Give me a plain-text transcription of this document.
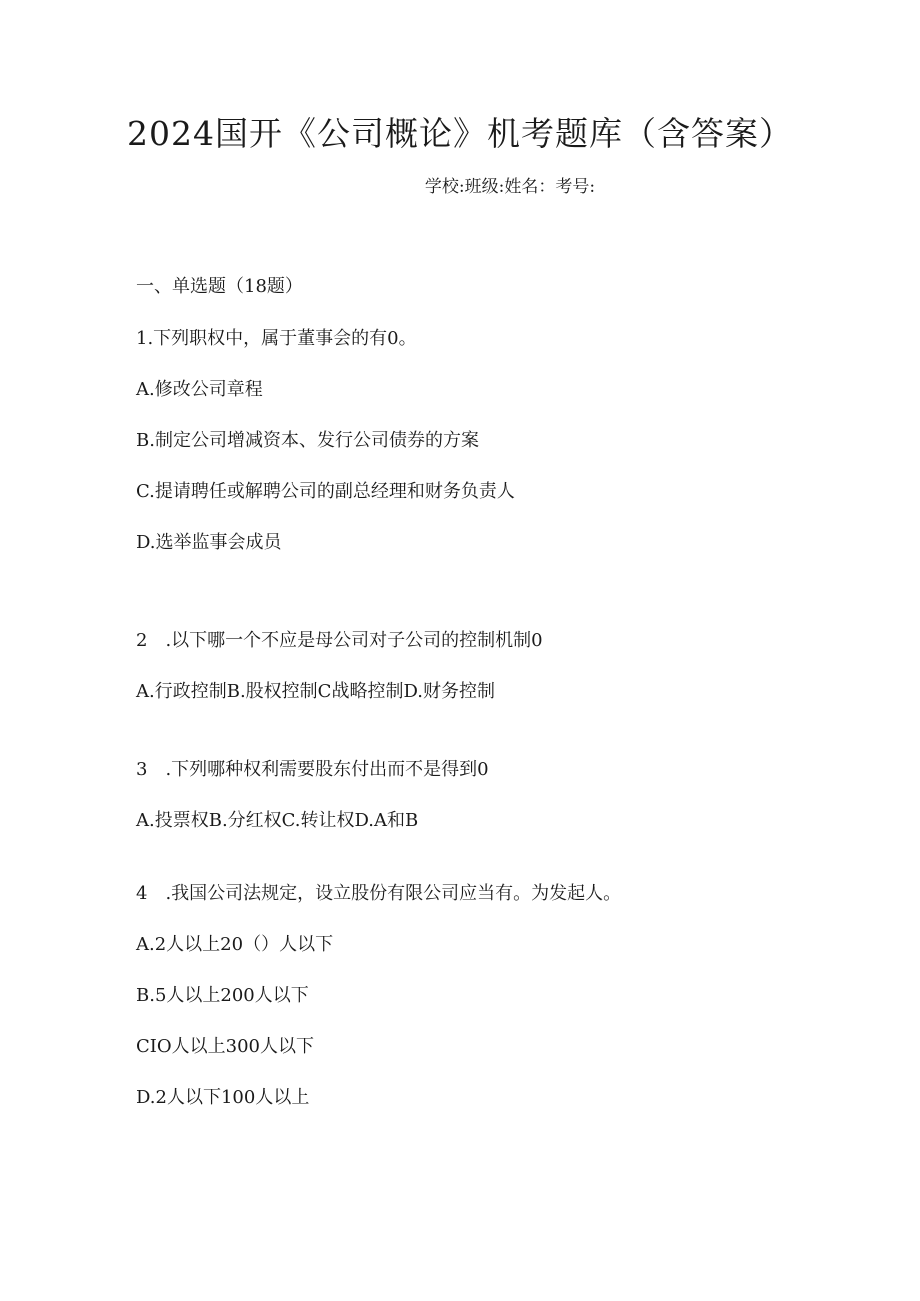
2024国开《公司概论》机考题库（含答案）
学校:班级:姓名：考号:
一、单选题（18题）
1.下列职权中，属于董事会的有0。
A.修改公司章程
B.制定公司增减资本、发行公司债券的方案
C.提请聘任或解聘公司的副总经理和财务负责人
D.选举监事会成员
2　.以下哪一个不应是母公司对子公司的控制机制0
A.行政控制B.股权控制C战略控制D.财务控制
3　.下列哪种权利需要股东付出而不是得到0
A.投票权B.分红权C.转让权D.A和B
4　.我国公司法规定，设立股份有限公司应当有。为发起人。
A.2人以上20（）人以下
B.5人以上200人以下
CIO人以上300人以下
D.2人以下100人以上
